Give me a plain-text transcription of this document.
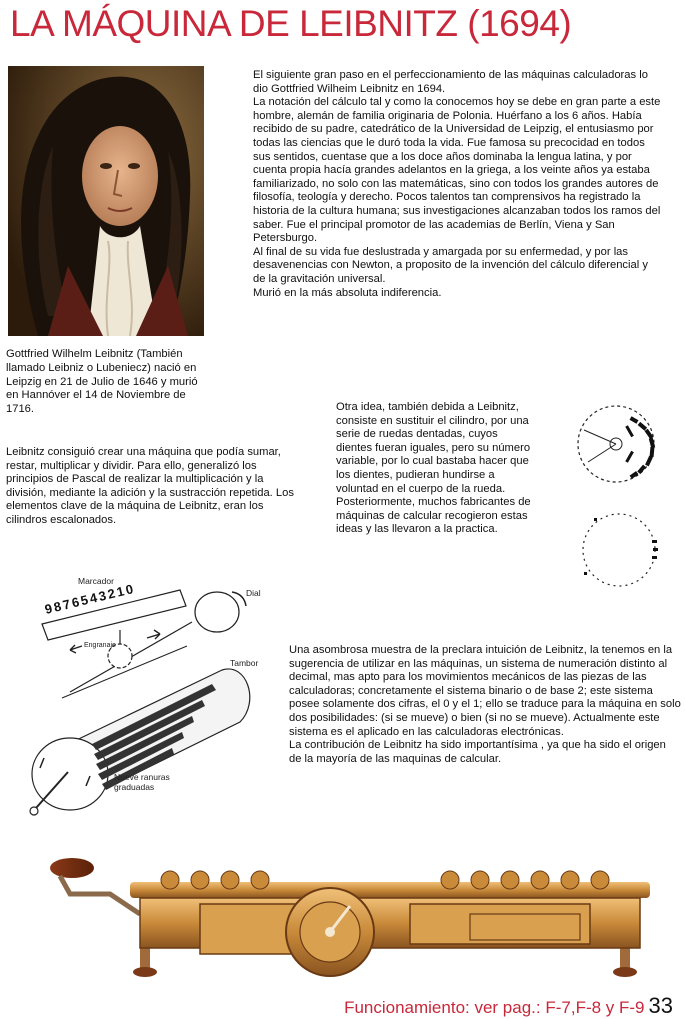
LA MÁQUINA DE LEIBNITZ (1694)

El siguiente gran paso en el perfeccionamiento de las máquinas calculadoras lo dio Gottfried Wilheim Leibnitz en 1694.

La notación del cálculo tal y como la conocemos hoy se debe en gran parte a este hombre, alemán de familia originaria de Polonia. Huérfano a los 6 años. Había recibido de su padre, catedrático de la Universidad de Leipzig, el entusiasmo por todas las ciencias que le duró toda la vida. Fue famosa su precocidad en todos sus sentidos, cuentase que a los doce años dominaba la lengua latina, y por cuenta propia hacía grandes adelantos en la griega, a los veinte años ya estaba familiarizado, no solo con las matemáticas, sino con todos los grandes autores de filosofía, teología y derecho. Pocos talentos tan comprensivos ha registrado la historia de la cultura humana; sus investigaciones alcanzaban todos los ramos del saber. Fue el principal promotor de las academias de Berlín, Viena y San Petersburgo.

Al final de su vida fue deslustrada y amargada por su enfermedad, y por las desavenencias con Newton, a proposito de la invención del cálculo diferencial y de la gravitación universal.

Murió en la más absoluta indiferencia.

Gottfried Wilhelm Leibnitz (También llamado Leibniz o Lubeniecz) nació en Leipzig en 21 de Julio de 1646 y murió en Hannóver el 14 de Noviembre de 1716.
Leibnitz consiguió crear una máquina que podía sumar, restar, multiplicar y dividir. Para ello, generalizó los principios de Pascal de realizar la multiplicación y la división, mediante la adición y la sustracción repetida. Los elementos clave de la máquina de Leibnitz, eran los cilindros escalonados.
Otra idea, también debida a Leibnitz, consiste en sustituir el cilindro, por una serie de ruedas dentadas, cuyos dientes fueran iguales, pero su número variable, por lo cual bastaba hacer que los dientes, pudieran hundirse a voluntad en el cuerpo de la rueda. Posteriormente, muchos fabricantes de máquinas de calcular recogieron estas ideas y las llevaron a la practica.
9876543210
Marcador
Dial
Tambor
Engranaje
Nueve ranuras graduadas

Una asombrosa muestra de la preclara intuición de Leibnitz, la tenemos en la sugerencia de utilizar en las máquinas, un sistema de numeración distinto al decimal, mas apto para los movimientos mecánicos de las piezas de las calculadoras; concretamente el sistema binario o de base 2; este sistema posee solamente dos cifras, el 0 y el 1; ello se traduce para la máquina en solo dos posibilidades: (si se mueve) o bien (si no se mueve). Actualmente este sistema es el aplicado en las calculadoras electrónicas.

La contribución de Leibnitz ha sido importantísima , ya que ha sido el origen de la mayoría de las maquinas de calcular.

Funcionamiento: ver pag.: F-7,F-8 y F-9 33
